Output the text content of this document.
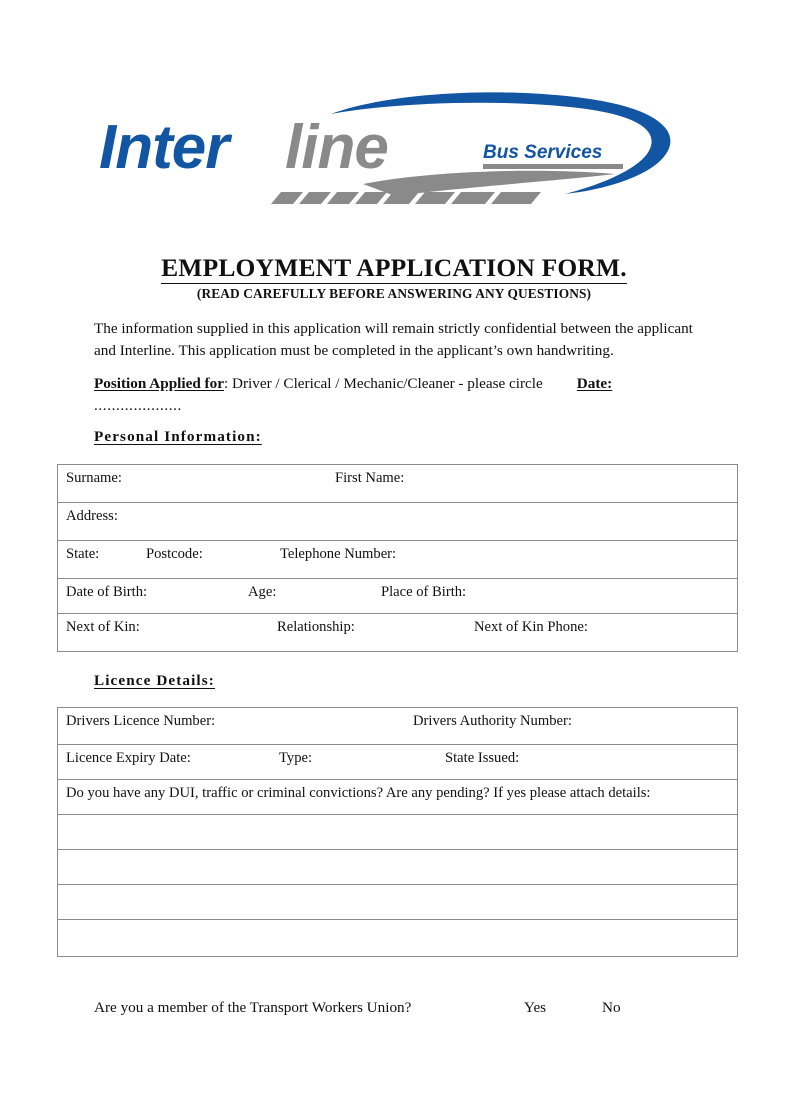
Inter line	Bus Services
EMPLOYMENT APPLICATION FORM.
(READ CAREFULLY BEFORE ANSWERING ANY QUESTIONS)
The information supplied in this application will remain strictly confidential between the applicant and Interline. This application must be completed in the applicant’s own handwriting.
Position Applied for: Driver / Clerical / Mechanic/Cleaner - please circle Date:
....................
Personal Information:
Surname:	First Name:

Address:

State:	Postcode:	Telephone Number:

Date of Birth:	Age:	Place of Birth:

Next of Kin:	Relationship:	Next of Kin Phone:
Licence Details:
Drivers Licence Number:	Drivers Authority Number:

Licence Expiry Date:	Type:	State Issued:

Do you have any DUI, traffic or criminal convictions? Are any pending? If yes please attach details:

Are you a member of the Transport Workers Union?	Yes	No
